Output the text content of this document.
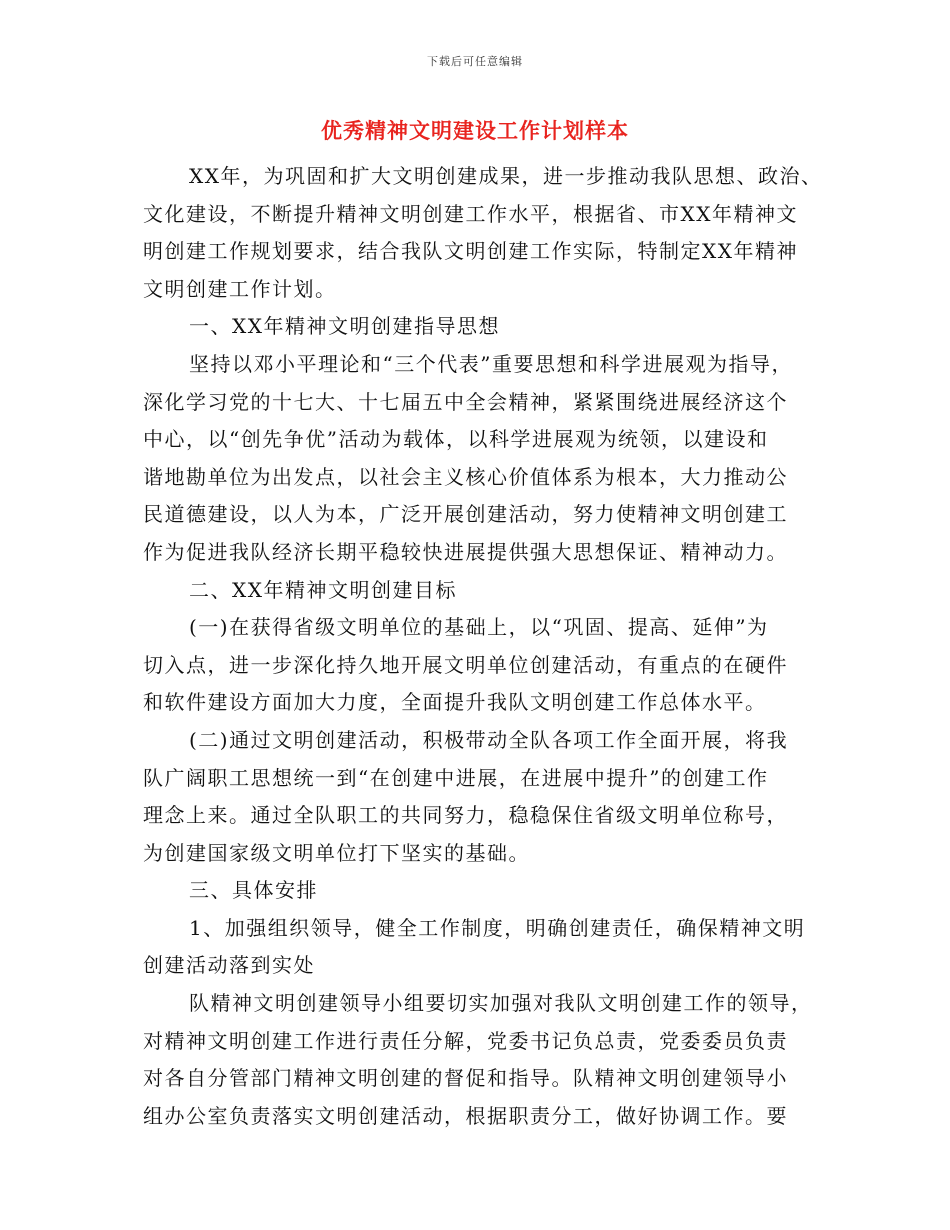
下载后可任意编辑
优秀精神文明建设工作计划样本
XX年，为巩固和扩大文明创建成果，进一步推动我队思想、政治、
文化建设，不断提升精神文明创建工作水平，根据省、市XX年精神文
明创建工作规划要求，结合我队文明创建工作实际，特制定XX年精神
文明创建工作计划。
一、XX年精神文明创建指导思想
坚持以邓小平理论和“三个代表”重要思想和科学进展观为指导，
深化学习党的十七大、十七届五中全会精神，紧紧围绕进展经济这个
中心，以“创先争优”活动为载体，以科学进展观为统领，以建设和
谐地勘单位为出发点，以社会主义核心价值体系为根本，大力推动公
民道德建设，以人为本，广泛开展创建活动，努力使精神文明创建工
作为促进我队经济长期平稳较快进展提供强大思想保证、精神动力。
二、XX年精神文明创建目标
(一)在获得省级文明单位的基础上，以“巩固、提高、延伸”为
切入点，进一步深化持久地开展文明单位创建活动，有重点的在硬件
和软件建设方面加大力度，全面提升我队文明创建工作总体水平。
(二)通过文明创建活动，积极带动全队各项工作全面开展，将我
队广阔职工思想统一到“在创建中进展，在进展中提升”的创建工作
理念上来。通过全队职工的共同努力，稳稳保住省级文明单位称号，
为创建国家级文明单位打下坚实的基础。
三、具体安排
1、加强组织领导，健全工作制度，明确创建责任，确保精神文明
创建活动落到实处
队精神文明创建领导小组要切实加强对我队文明创建工作的领导，
对精神文明创建工作进行责任分解，党委书记负总责，党委委员负责
对各自分管部门精神文明创建的督促和指导。队精神文明创建领导小
组办公室负责落实文明创建活动，根据职责分工，做好协调工作。要
